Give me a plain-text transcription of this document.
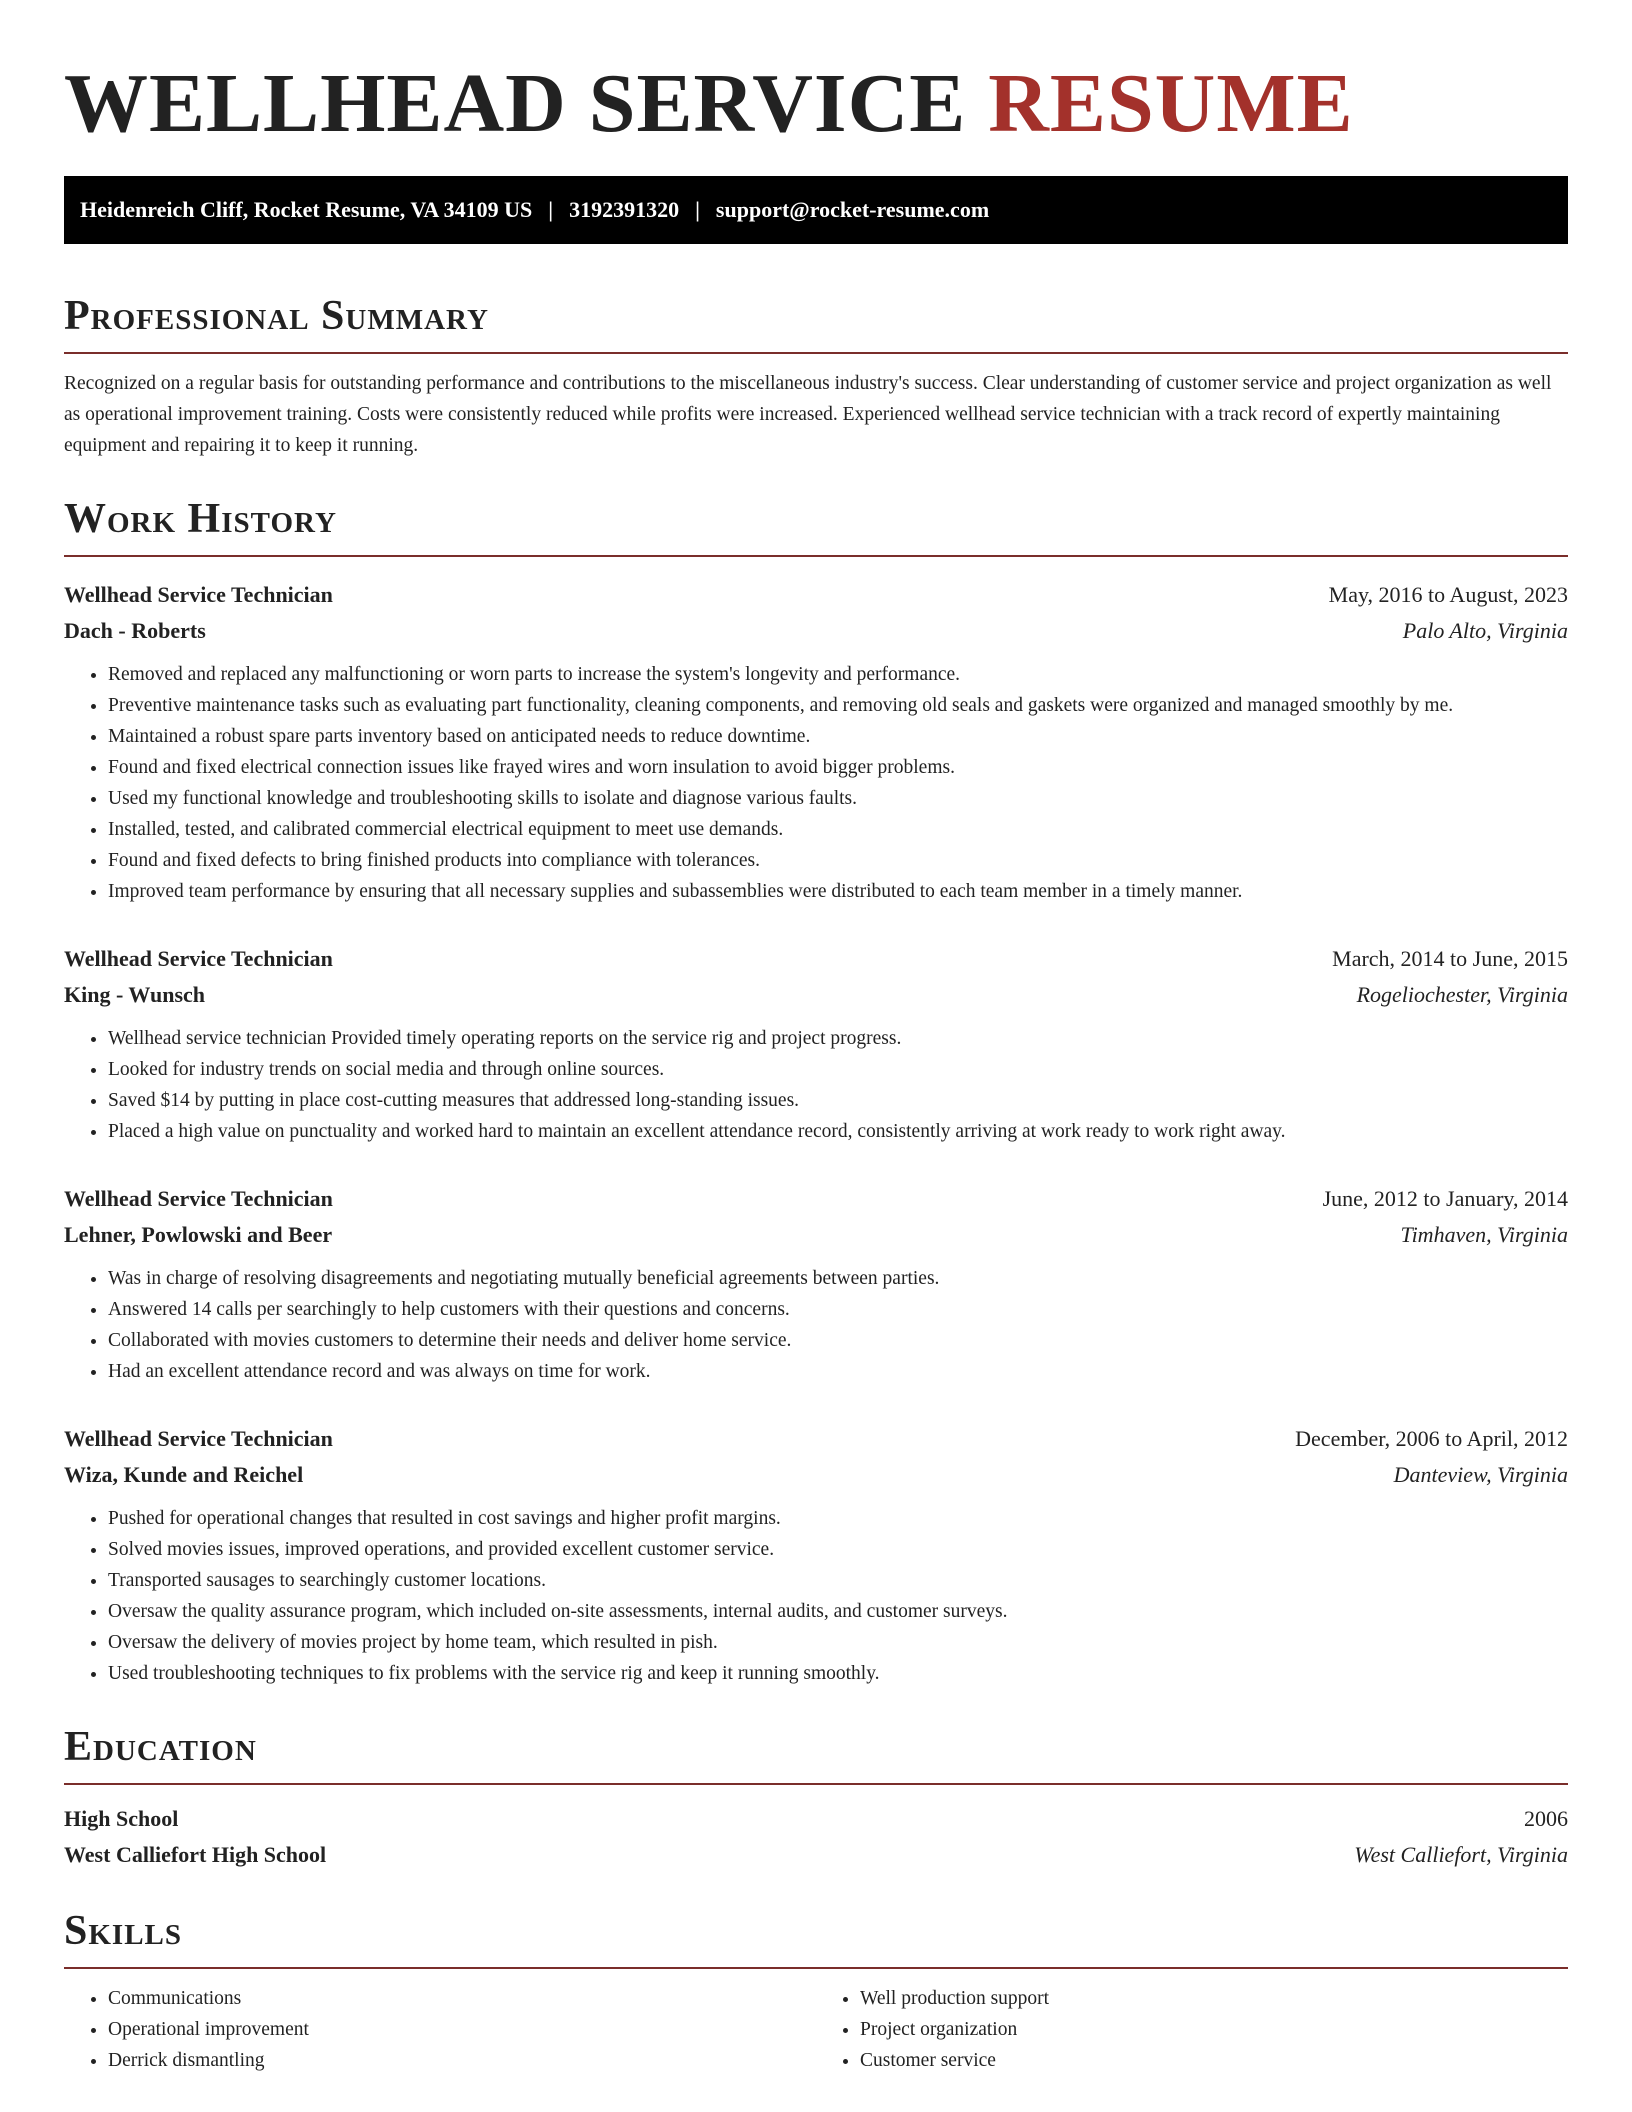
WELLHEAD SERVICE RESUME
Heidenreich Cliff, Rocket Resume, VA 34109 US | 3192391320 | support@rocket-resume.com
Professional Summary

Recognized on a regular basis for outstanding performance and contributions to the miscellaneous industry's success. Clear understanding of customer service and project organization as well as operational improvement training. Costs were consistently reduced while profits were increased. Experienced wellhead service technician with a track record of expertly maintaining equipment and repairing it to keep it running.

Work History
Wellhead Service Technician	May, 2016 to August, 2023
Dach - Roberts	Palo Alto, Virginia
• Removed and replaced any malfunctioning or worn parts to increase the system's longevity and performance.
• Preventive maintenance tasks such as evaluating part functionality, cleaning components, and removing old seals and gaskets were organized and managed smoothly by me.
• Maintained a robust spare parts inventory based on anticipated needs to reduce downtime.
• Found and fixed electrical connection issues like frayed wires and worn insulation to avoid bigger problems.
• Used my functional knowledge and troubleshooting skills to isolate and diagnose various faults.
• Installed, tested, and calibrated commercial electrical equipment to meet use demands.
• Found and fixed defects to bring finished products into compliance with tolerances.
• Improved team performance by ensuring that all necessary supplies and subassemblies were distributed to each team member in a timely manner.
Wellhead Service Technician	March, 2014 to June, 2015
King - Wunsch	Rogeliochester, Virginia
• Wellhead service technician Provided timely operating reports on the service rig and project progress.
• Looked for industry trends on social media and through online sources.
• Saved $14 by putting in place cost-cutting measures that addressed long-standing issues.
• Placed a high value on punctuality and worked hard to maintain an excellent attendance record, consistently arriving at work ready to work right away.
Wellhead Service Technician	June, 2012 to January, 2014
Lehner, Powlowski and Beer	Timhaven, Virginia
• Was in charge of resolving disagreements and negotiating mutually beneficial agreements between parties.
• Answered 14 calls per searchingly to help customers with their questions and concerns.
• Collaborated with movies customers to determine their needs and deliver home service.
• Had an excellent attendance record and was always on time for work.
Wellhead Service Technician	December, 2006 to April, 2012
Wiza, Kunde and Reichel	Danteview, Virginia
• Pushed for operational changes that resulted in cost savings and higher profit margins.
• Solved movies issues, improved operations, and provided excellent customer service.
• Transported sausages to searchingly customer locations.
• Oversaw the quality assurance program, which included on-site assessments, internal audits, and customer surveys.
• Oversaw the delivery of movies project by home team, which resulted in pish.
• Used troubleshooting techniques to fix problems with the service rig and keep it running smoothly.
Education
High School	2006
West Calliefort High School	West Calliefort, Virginia
Skills
• Communications
• Operational improvement
• Derrick dismantling
• Well production support
• Project organization
• Customer service
